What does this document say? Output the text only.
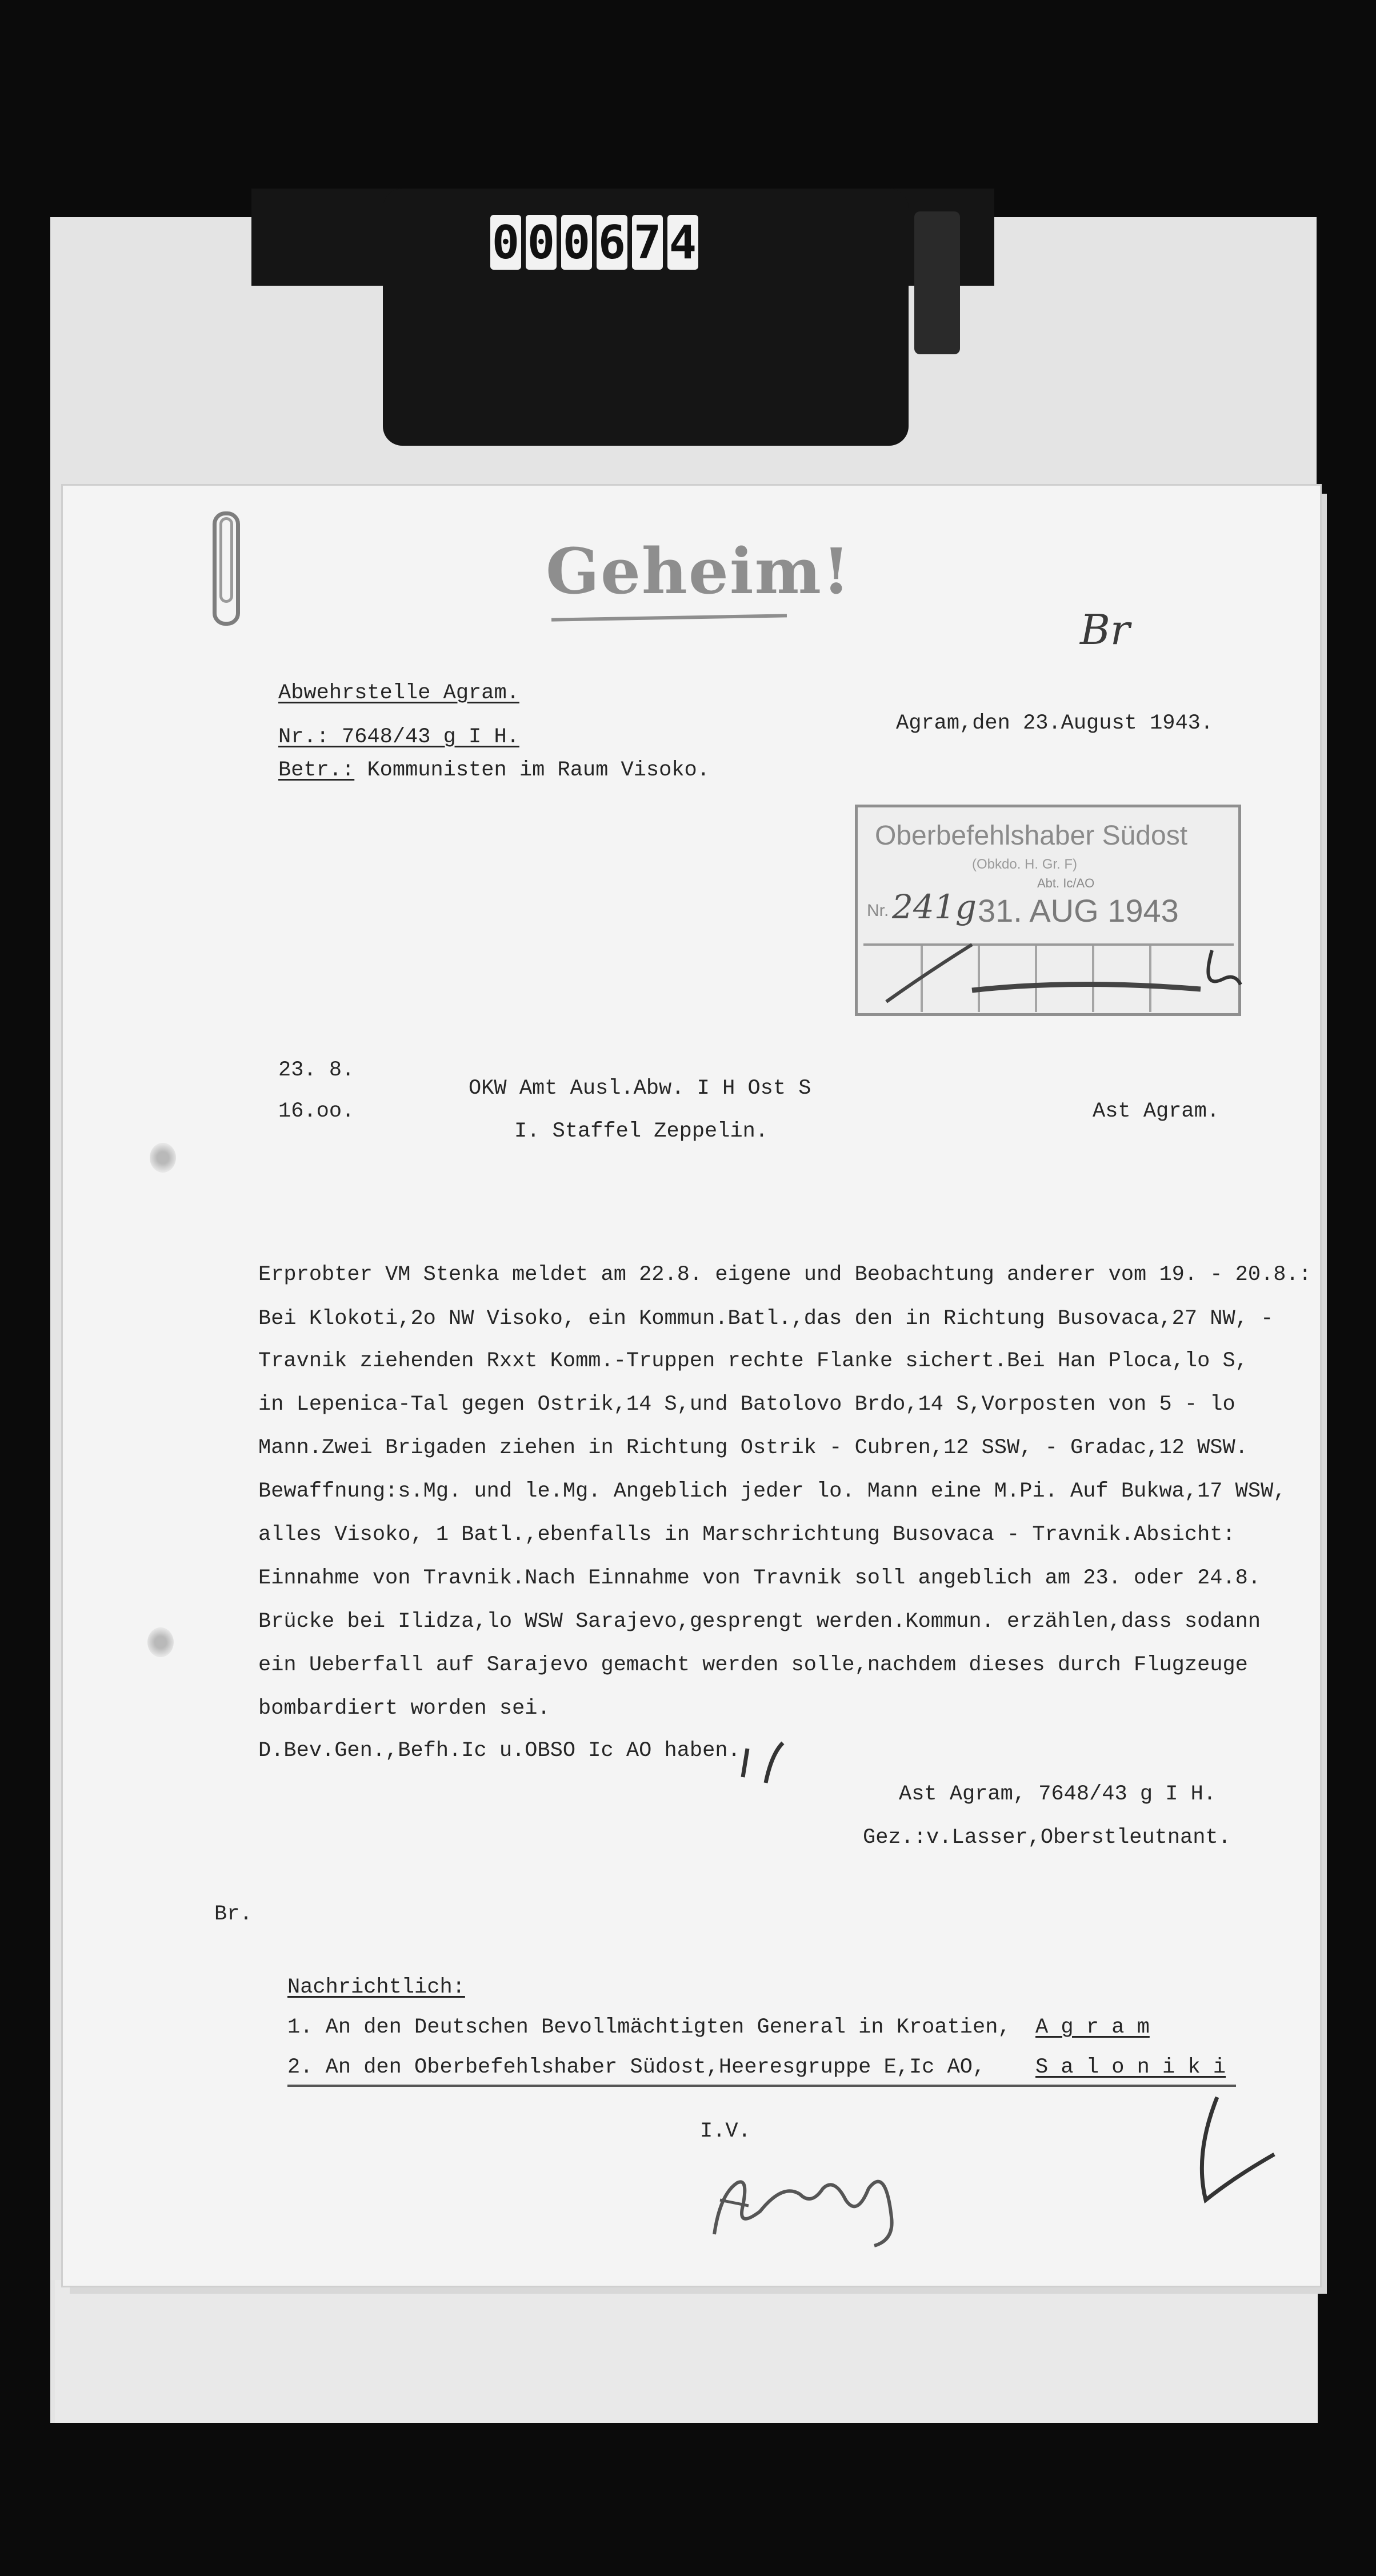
0 0 0 6 7 4
Geheim!

Abwehrstelle Agram.

Nr.: 7648/43 g I H.

Betr.: Kommunisten im Raum Visoko.

Agram,den 23.August 1943.

Br

Oberbefehlshaber Südost
(Obkdo. H. Gr. F)
Abt. Ic/AO
Nr. 241g 31. AUG 1943

23. 8.

16.oo.

OKW Amt Ausl.Abw. I H Ost S

I. Staffel Zeppelin.

Ast Agram.

Erprobter VM Stenka meldet am 22.8. eigene und Beobachtung anderer vom 19. - 20.8.:

Bei Klokoti,2o NW Visoko, ein Kommun.Batl.,das den in Richtung Busovaca,27 NW, -

Travnik ziehenden Rxxt Komm.-Truppen rechte Flanke sichert.Bei Han Ploca,lo S,

in Lepenica-Tal gegen Ostrik,14 S,und Batolovo Brdo,14 S,Vorposten von 5 - lo

Mann.Zwei Brigaden ziehen in Richtung Ostrik - Cubren,12 SSW, - Gradac,12 WSW.

Bewaffnung:s.Mg. und le.Mg. Angeblich jeder lo. Mann eine M.Pi. Auf Bukwa,17 WSW,

alles Visoko, 1 Batl.,ebenfalls in Marschrichtung Busovaca - Travnik.Absicht:

Einnahme von Travnik.Nach Einnahme von Travnik soll angeblich am 23. oder 24.8.

Brücke bei Ilidza,lo WSW Sarajevo,gesprengt werden.Kommun. erzählen,dass sodann

ein Ueberfall auf Sarajevo gemacht werden solle,nachdem dieses durch Flugzeuge

bombardiert worden sei.

D.Bev.Gen.,Befh.Ic u.OBSO Ic AO haben.

Ast Agram, 7648/43 g I H.

Gez.:v.Lasser,Oberstleutnant.

Br.

Nachrichtlich:

1. An den Deutschen Bevollmächtigten General in Kroatien, A g r a m

2. An den Oberbefehlshaber Südost,Heeresgruppe E,Ic AO, S a l o n i k i

I.V.
